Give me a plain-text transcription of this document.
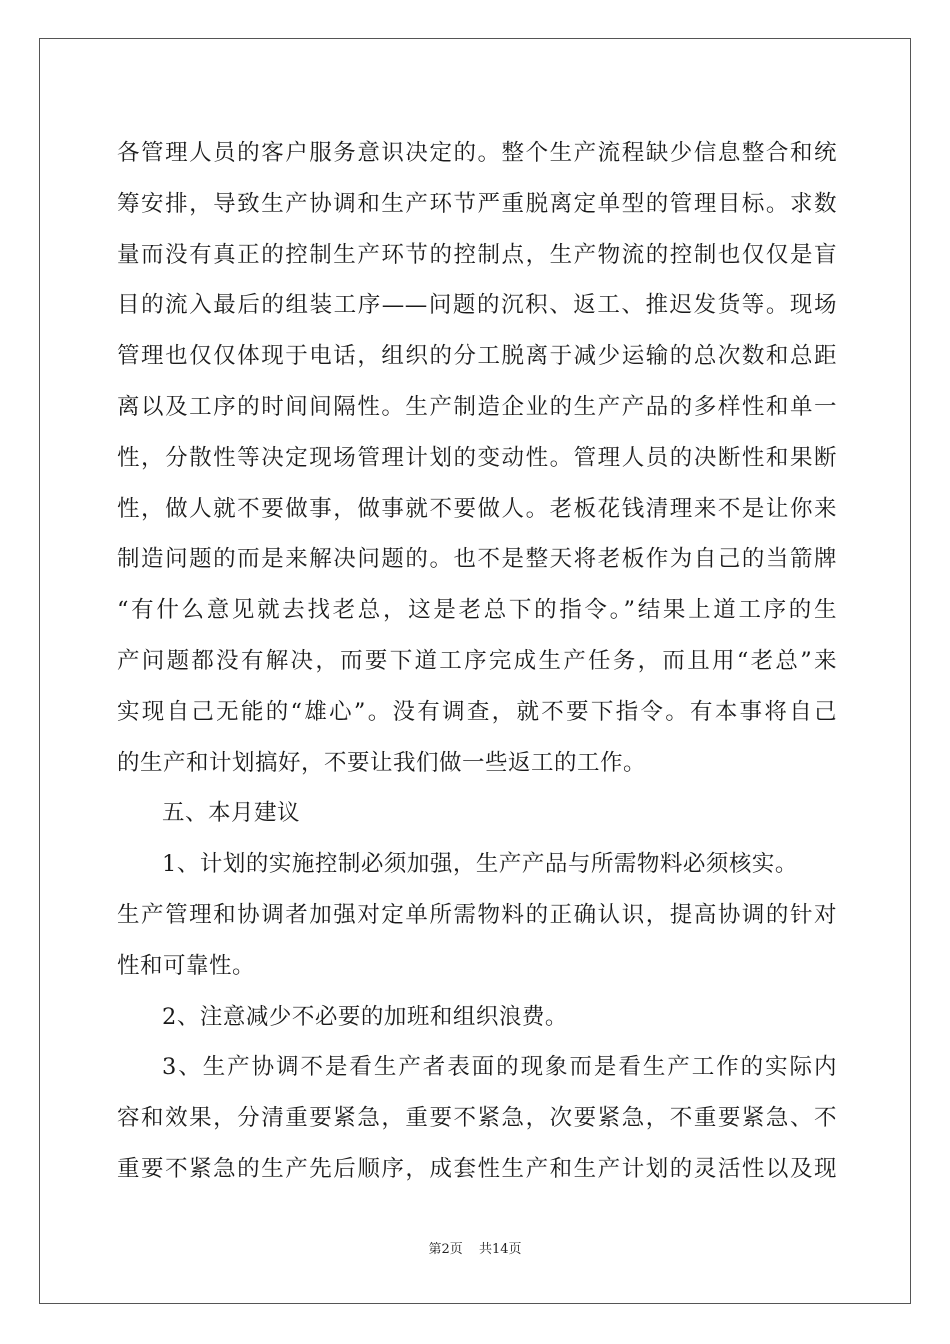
各管理人员的客户服务意识决定的。整个生产流程缺少信息整合和统

筹安排，导致生产协调和生产环节严重脱离定单型的管理目标。求数

量而没有真正的控制生产环节的控制点，生产物流的控制也仅仅是盲

目的流入最后的组装工序——问题的沉积、返工、推迟发货等。现场

管理也仅仅体现于电话，组织的分工脱离于减少运输的总次数和总距

离以及工序的时间间隔性。生产制造企业的生产产品的多样性和单一

性，分散性等决定现场管理计划的变动性。管理人员的决断性和果断

性，做人就不要做事，做事就不要做人。老板花钱清理来不是让你来

制造问题的而是来解决问题的。也不是整天将老板作为自己的当箭牌

“有什么意见就去找老总，这是老总下的指令。”结果上道工序的生

产问题都没有解决，而要下道工序完成生产任务，而且用“老总”来

实现自己无能的“雄心”。没有调查，就不要下指令。有本事将自己

的生产和计划搞好，不要让我们做一些返工的工作。

五、本月建议

1、计划的实施控制必须加强，生产产品与所需物料必须核实。

生产管理和协调者加强对定单所需物料的正确认识，提高协调的针对

性和可靠性。

2、注意减少不必要的加班和组织浪费。

3、生产协调不是看生产者表面的现象而是看生产工作的实际内

容和效果，分清重要紧急，重要不紧急，次要紧急，不重要紧急、不

重要不紧急的生产先后顺序，成套性生产和生产计划的灵活性以及现

第2页 共14页
